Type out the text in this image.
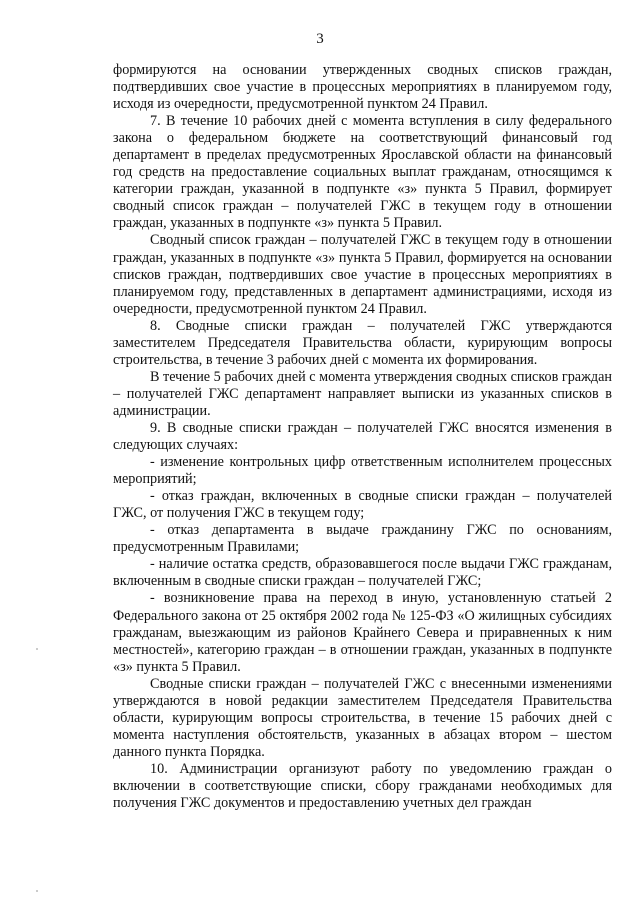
3

формируются на основании утвержденных сводных списков граждан, подтвердивших свое участие в процессных мероприятиях в планируемом году, исходя из очередности, предусмотренной пунктом 24 Правил.

7. В течение 10 рабочих дней с момента вступления в силу федерального закона о федеральном бюджете на соответствующий финансовый год департамент в пределах предусмотренных Ярославской области на финансовый год средств на предоставление социальных выплат гражданам, относящимся к категории граждан, указанной в подпункте «з» пункта 5 Правил, формирует сводный список граждан – получателей ГЖС в текущем году в отношении граждан, указанных в подпункте «з» пункта 5 Правил.

Сводный список граждан – получателей ГЖС в текущем году в отношении граждан, указанных в подпункте «з» пункта 5 Правил, формируется на основании списков граждан, подтвердивших свое участие в процессных мероприятиях в планируемом году, представленных в департамент администрациями, исходя из очередности, предусмотренной пунктом 24 Правил.

8. Сводные списки граждан – получателей ГЖС утверждаются заместителем Председателя Правительства области, курирующим вопросы строительства, в течение 3 рабочих дней с момента их формирования.

В течение 5 рабочих дней с момента утверждения сводных списков граждан – получателей ГЖС департамент направляет выписки из указанных списков в администрации.

9. В сводные списки граждан – получателей ГЖС вносятся изменения в следующих случаях:

- изменение контрольных цифр ответственным исполнителем процессных мероприятий;

- отказ граждан, включенных в сводные списки граждан – получателей ГЖС, от получения ГЖС в текущем году;

- отказ департамента в выдаче гражданину ГЖС по основаниям, предусмотренным Правилами;

- наличие остатка средств, образовавшегося после выдачи ГЖС гражданам, включенным в сводные списки граждан – получателей ГЖС;

- возникновение права на переход в иную, установленную статьей 2 Федерального закона от 25 октября 2002 года № 125-ФЗ «О жилищных субсидиях гражданам, выезжающим из районов Крайнего Севера и приравненных к ним местностей», категорию граждан – в отношении граждан, указанных в подпункте «з» пункта 5 Правил.

Сводные списки граждан – получателей ГЖС с внесенными изменениями утверждаются в новой редакции заместителем Председателя Правительства области, курирующим вопросы строительства, в течение 15 рабочих дней с момента наступления обстоятельств, указанных в абзацах втором – шестом данного пункта Порядка.

10. Администрации организуют работу по уведомлению граждан о включении в соответствующие списки, сбору гражданами необходимых для получения ГЖС документов и предоставлению учетных дел граждан
